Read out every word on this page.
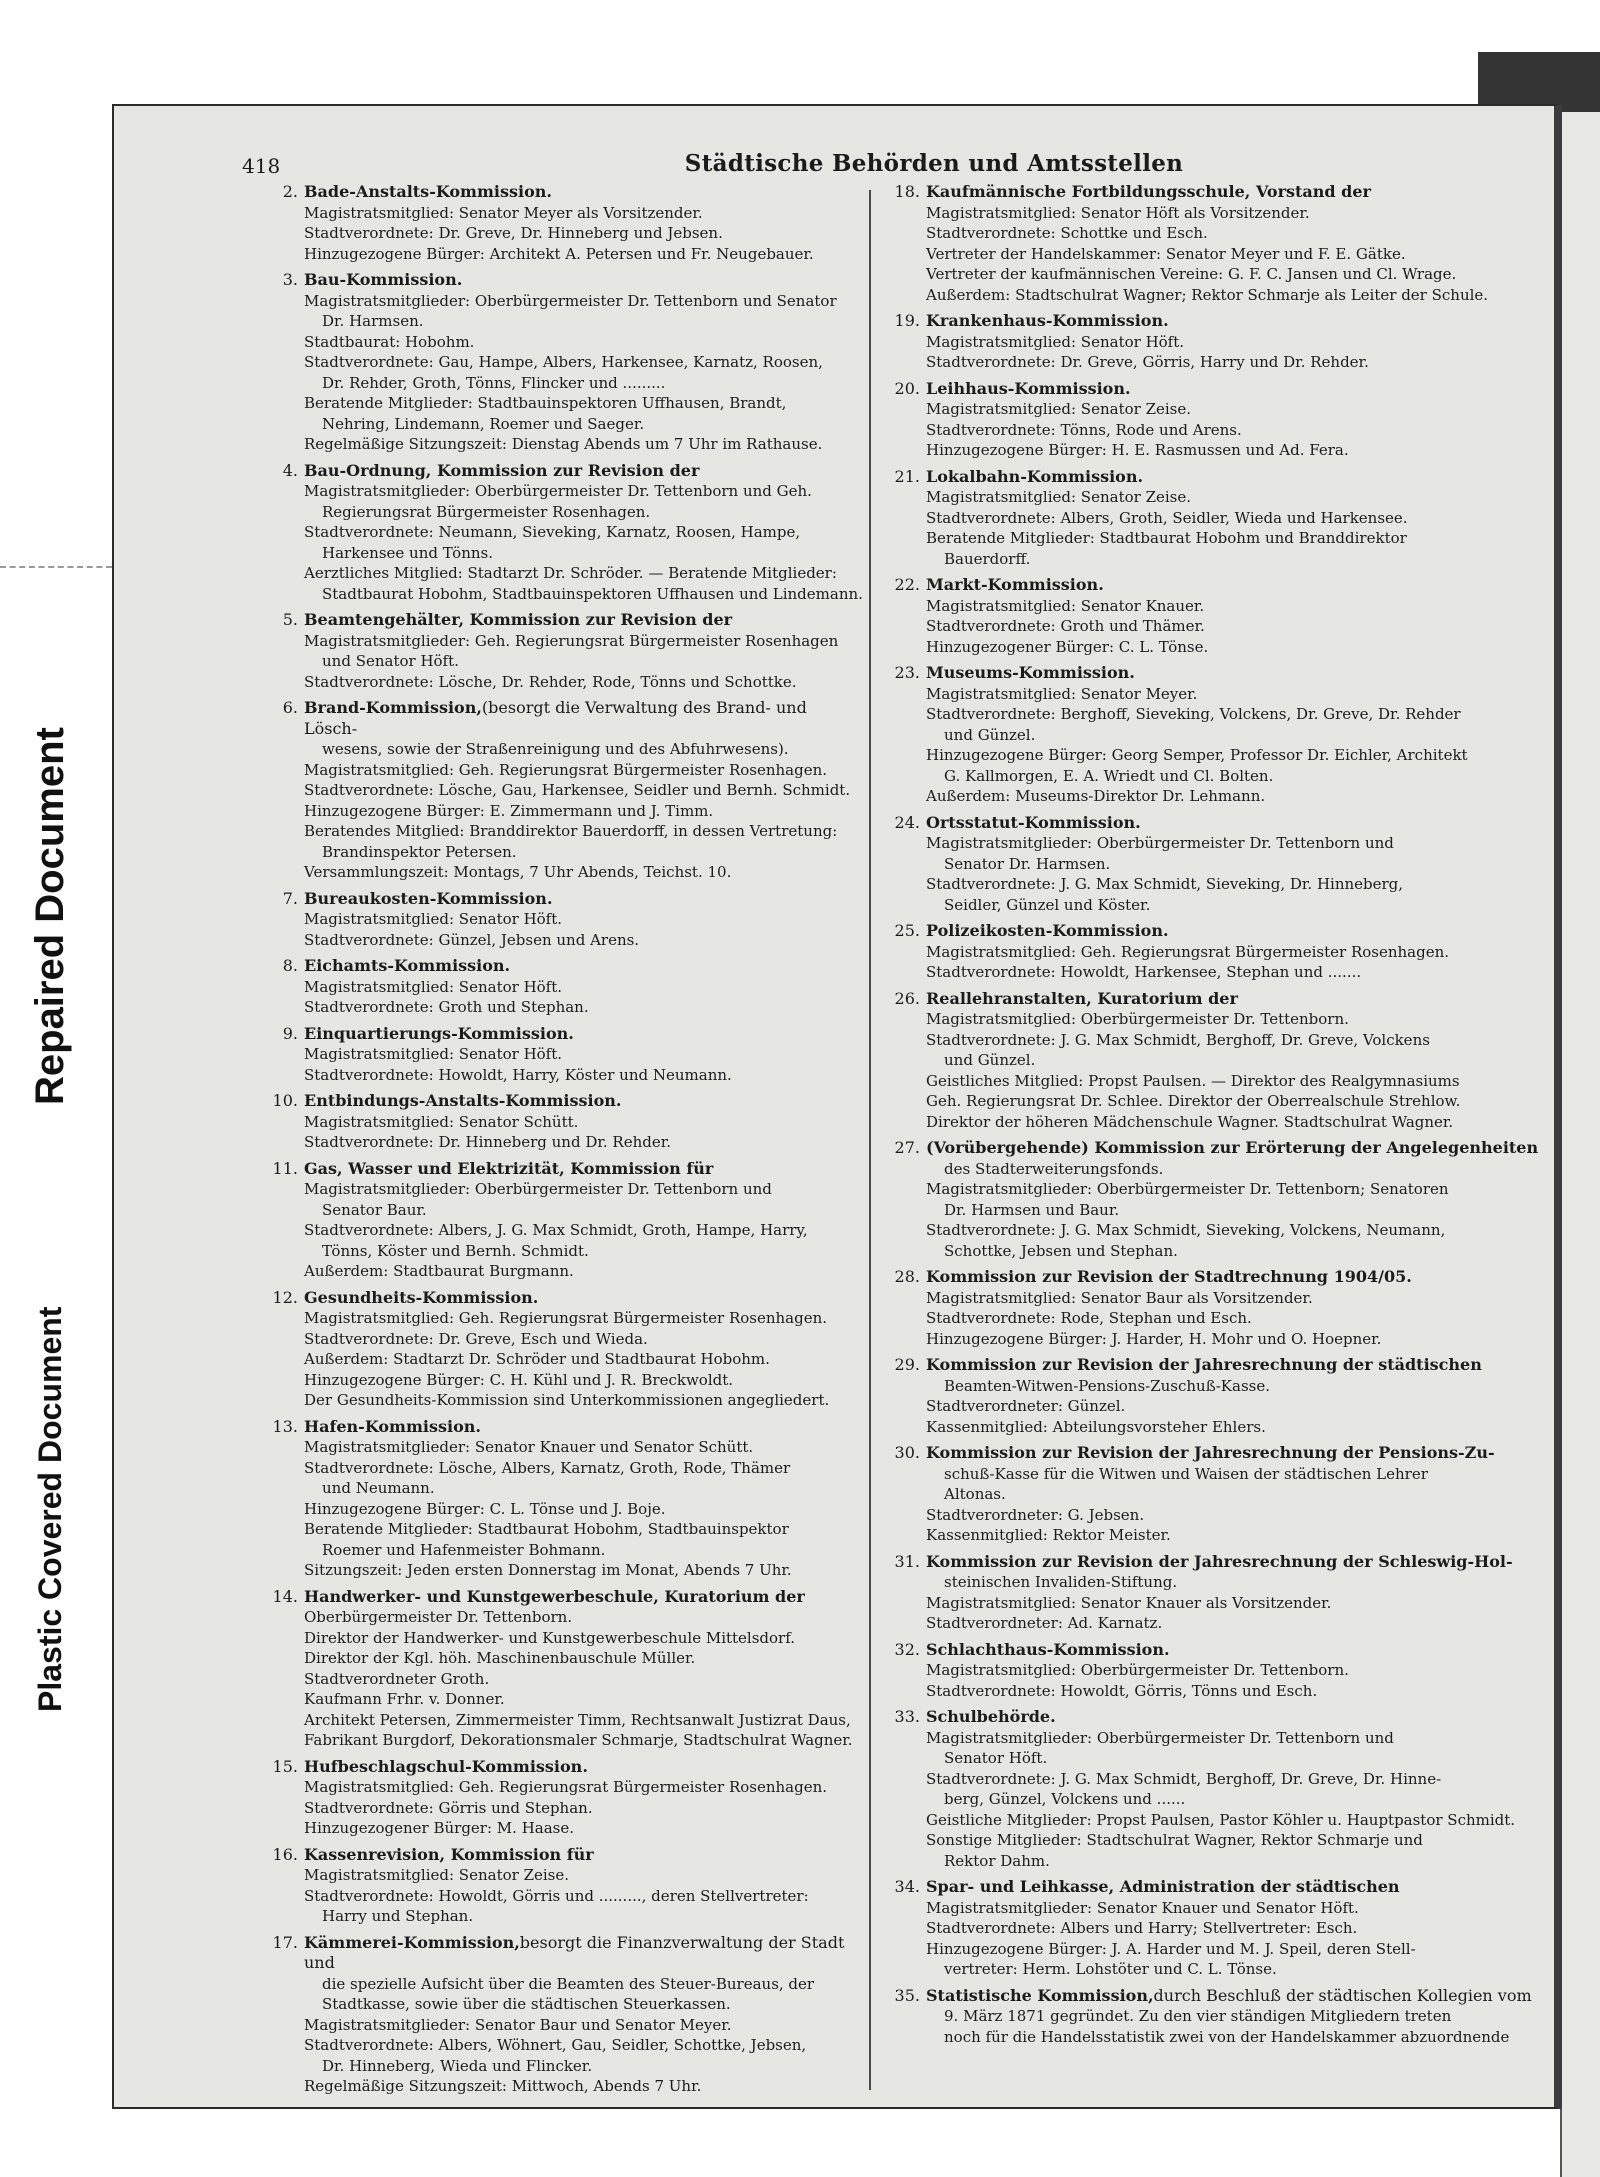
Repaired Document
Plastic Covered Document
418	Städtische Behörden und Amtsstellen
2. Bade-Anstalts-Kommission.
Magistratsmitglied: Senator Meyer als Vorsitzender.
Stadtverordnete: Dr. Greve, Dr. Hinneberg und Jebsen.
Hinzugezogene Bürger: Architekt A. Petersen und Fr. Neugebauer.
3. Bau-Kommission.
Magistratsmitglieder: Oberbürgermeister Dr. Tettenborn und Senator
Dr. Harmsen.
Stadtbaurat: Hobohm.
Stadtverordnete: Gau, Hampe, Albers, Harkensee, Karnatz, Roosen,
Dr. Rehder, Groth, Tönns, Flincker und .........
Beratende Mitglieder: Stadtbauinspektoren Uffhausen, Brandt,
Nehring, Lindemann, Roemer und Saeger.
Regelmäßige Sitzungszeit: Dienstag Abends um 7 Uhr im Rathause.
4. Bau-Ordnung, Kommission zur Revision der
Magistratsmitglieder: Oberbürgermeister Dr. Tettenborn und Geh.
Regierungsrat Bürgermeister Rosenhagen.
Stadtverordnete: Neumann, Sieveking, Karnatz, Roosen, Hampe,
Harkensee und Tönns.
Aerztliches Mitglied: Stadtarzt Dr. Schröder. — Beratende Mitglieder:
Stadtbaurat Hobohm, Stadtbauinspektoren Uffhausen und Lindemann.
5. Beamtengehälter, Kommission zur Revision der
Magistratsmitglieder: Geh. Regierungsrat Bürgermeister Rosenhagen
und Senator Höft.
Stadtverordnete: Lösche, Dr. Rehder, Rode, Tönns und Schottke.
6. Brand-Kommission,(besorgt die Verwaltung des Brand- und Lösch-
wesens, sowie der Straßenreinigung und des Abfuhrwesens).
Magistratsmitglied: Geh. Regierungsrat Bürgermeister Rosenhagen.
Stadtverordnete: Lösche, Gau, Harkensee, Seidler und Bernh. Schmidt.
Hinzugezogene Bürger: E. Zimmermann und J. Timm.
Beratendes Mitglied: Branddirektor Bauerdorff, in dessen Vertretung:
Brandinspektor Petersen.
Versammlungszeit: Montags, 7 Uhr Abends, Teichst. 10.
7. Bureaukosten-Kommission.
Magistratsmitglied: Senator Höft.
Stadtverordnete: Günzel, Jebsen und Arens.
8. Eichamts-Kommission.
Magistratsmitglied: Senator Höft.
Stadtverordnete: Groth und Stephan.
9. Einquartierungs-Kommission.
Magistratsmitglied: Senator Höft.
Stadtverordnete: Howoldt, Harry, Köster und Neumann.
10. Entbindungs-Anstalts-Kommission.
Magistratsmitglied: Senator Schütt.
Stadtverordnete: Dr. Hinneberg und Dr. Rehder.
11. Gas, Wasser und Elektrizität, Kommission für
Magistratsmitglieder: Oberbürgermeister Dr. Tettenborn und
Senator Baur.
Stadtverordnete: Albers, J. G. Max Schmidt, Groth, Hampe, Harry,
Tönns, Köster und Bernh. Schmidt.
Außerdem: Stadtbaurat Burgmann.
12. Gesundheits-Kommission.
Magistratsmitglied: Geh. Regierungsrat Bürgermeister Rosenhagen.
Stadtverordnete: Dr. Greve, Esch und Wieda.
Außerdem: Stadtarzt Dr. Schröder und Stadtbaurat Hobohm.
Hinzugezogene Bürger: C. H. Kühl und J. R. Breckwoldt.
Der Gesundheits-Kommission sind Unterkommissionen angegliedert.
13. Hafen-Kommission.
Magistratsmitglieder: Senator Knauer und Senator Schütt.
Stadtverordnete: Lösche, Albers, Karnatz, Groth, Rode, Thämer
und Neumann.
Hinzugezogene Bürger: C. L. Tönse und J. Boje.
Beratende Mitglieder: Stadtbaurat Hobohm, Stadtbauinspektor
Roemer und Hafenmeister Bohmann.
Sitzungszeit: Jeden ersten Donnerstag im Monat, Abends 7 Uhr.
14. Handwerker- und Kunstgewerbeschule, Kuratorium der
Oberbürgermeister Dr. Tettenborn.
Direktor der Handwerker- und Kunstgewerbeschule Mittelsdorf.
Direktor der Kgl. höh. Maschinenbauschule Müller.
Stadtverordneter Groth.
Kaufmann Frhr. v. Donner.
Architekt Petersen, Zimmermeister Timm, Rechtsanwalt Justizrat Daus,
Fabrikant Burgdorf, Dekorationsmaler Schmarje, Stadtschulrat Wagner.
15. Hufbeschlagschul-Kommission.
Magistratsmitglied: Geh. Regierungsrat Bürgermeister Rosenhagen.
Stadtverordnete: Görris und Stephan.
Hinzugezogener Bürger: M. Haase.
16. Kassenrevision, Kommission für
Magistratsmitglied: Senator Zeise.
Stadtverordnete: Howoldt, Görris und ........., deren Stellvertreter:
Harry und Stephan.
17. Kämmerei-Kommission,besorgt die Finanzverwaltung der Stadt und
die spezielle Aufsicht über die Beamten des Steuer-Bureaus, der
Stadtkasse, sowie über die städtischen Steuerkassen.
Magistratsmitglieder: Senator Baur und Senator Meyer.
Stadtverordnete: Albers, Wöhnert, Gau, Seidler, Schottke, Jebsen,
Dr. Hinneberg, Wieda und Flincker.
Regelmäßige Sitzungszeit: Mittwoch, Abends 7 Uhr.
18. Kaufmännische Fortbildungsschule, Vorstand der
Magistratsmitglied: Senator Höft als Vorsitzender.
Stadtverordnete: Schottke und Esch.
Vertreter der Handelskammer: Senator Meyer und F. E. Gätke.
Vertreter der kaufmännischen Vereine: G. F. C. Jansen und Cl. Wrage.
Außerdem: Stadtschulrat Wagner; Rektor Schmarje als Leiter der Schule.
19. Krankenhaus-Kommission.
Magistratsmitglied: Senator Höft.
Stadtverordnete: Dr. Greve, Görris, Harry und Dr. Rehder.
20. Leihhaus-Kommission.
Magistratsmitglied: Senator Zeise.
Stadtverordnete: Tönns, Rode und Arens.
Hinzugezogene Bürger: H. E. Rasmussen und Ad. Fera.
21. Lokalbahn-Kommission.
Magistratsmitglied: Senator Zeise.
Stadtverordnete: Albers, Groth, Seidler, Wieda und Harkensee.
Beratende Mitglieder: Stadtbaurat Hobohm und Branddirektor
Bauerdorff.
22. Markt-Kommission.
Magistratsmitglied: Senator Knauer.
Stadtverordnete: Groth und Thämer.
Hinzugezogener Bürger: C. L. Tönse.
23. Museums-Kommission.
Magistratsmitglied: Senator Meyer.
Stadtverordnete: Berghoff, Sieveking, Volckens, Dr. Greve, Dr. Rehder
und Günzel.
Hinzugezogene Bürger: Georg Semper, Professor Dr. Eichler, Architekt
G. Kallmorgen, E. A. Wriedt und Cl. Bolten.
Außerdem: Museums-Direktor Dr. Lehmann.
24. Ortsstatut-Kommission.
Magistratsmitglieder: Oberbürgermeister Dr. Tettenborn und
Senator Dr. Harmsen.
Stadtverordnete: J. G. Max Schmidt, Sieveking, Dr. Hinneberg,
Seidler, Günzel und Köster.
25. Polizeikosten-Kommission.
Magistratsmitglied: Geh. Regierungsrat Bürgermeister Rosenhagen.
Stadtverordnete: Howoldt, Harkensee, Stephan und .......
26. Reallehranstalten, Kuratorium der
Magistratsmitglied: Oberbürgermeister Dr. Tettenborn.
Stadtverordnete: J. G. Max Schmidt, Berghoff, Dr. Greve, Volckens
und Günzel.
Geistliches Mitglied: Propst Paulsen. — Direktor des Realgymnasiums
Geh. Regierungsrat Dr. Schlee. Direktor der Oberrealschule Strehlow.
Direktor der höheren Mädchenschule Wagner. Stadtschulrat Wagner.
27. (Vorübergehende) Kommission zur Erörterung der Angelegenheiten
des Stadterweiterungsfonds.
Magistratsmitglieder: Oberbürgermeister Dr. Tettenborn; Senatoren
Dr. Harmsen und Baur.
Stadtverordnete: J. G. Max Schmidt, Sieveking, Volckens, Neumann,
Schottke, Jebsen und Stephan.
28. Kommission zur Revision der Stadtrechnung 1904/05.
Magistratsmitglied: Senator Baur als Vorsitzender.
Stadtverordnete: Rode, Stephan und Esch.
Hinzugezogene Bürger: J. Harder, H. Mohr und O. Hoepner.
29. Kommission zur Revision der Jahresrechnung der städtischen
Beamten-Witwen-Pensions-Zuschuß-Kasse.
Stadtverordneter: Günzel.
Kassenmitglied: Abteilungsvorsteher Ehlers.
30. Kommission zur Revision der Jahresrechnung der Pensions-Zu-
schuß-Kasse für die Witwen und Waisen der städtischen Lehrer
Altonas.
Stadtverordneter: G. Jebsen.
Kassenmitglied: Rektor Meister.
31. Kommission zur Revision der Jahresrechnung der Schleswig-Hol-
steinischen Invaliden-Stiftung.
Magistratsmitglied: Senator Knauer als Vorsitzender.
Stadtverordneter: Ad. Karnatz.
32. Schlachthaus-Kommission.
Magistratsmitglied: Oberbürgermeister Dr. Tettenborn.
Stadtverordnete: Howoldt, Görris, Tönns und Esch.
33. Schulbehörde.
Magistratsmitglieder: Oberbürgermeister Dr. Tettenborn und
Senator Höft.
Stadtverordnete: J. G. Max Schmidt, Berghoff, Dr. Greve, Dr. Hinne-
berg, Günzel, Volckens und ......
Geistliche Mitglieder: Propst Paulsen, Pastor Köhler u. Hauptpastor Schmidt.
Sonstige Mitglieder: Stadtschulrat Wagner, Rektor Schmarje und
Rektor Dahm.
34. Spar- und Leihkasse, Administration der städtischen
Magistratsmitglieder: Senator Knauer und Senator Höft.
Stadtverordnete: Albers und Harry; Stellvertreter: Esch.
Hinzugezogene Bürger: J. A. Harder und M. J. Speil, deren Stell-
vertreter: Herm. Lohstöter und C. L. Tönse.
35. Statistische Kommission,durch Beschluß der städtischen Kollegien vom
9. März 1871 gegründet. Zu den vier ständigen Mitgliedern treten
noch für die Handelsstatistik zwei von der Handelskammer abzuordnende
